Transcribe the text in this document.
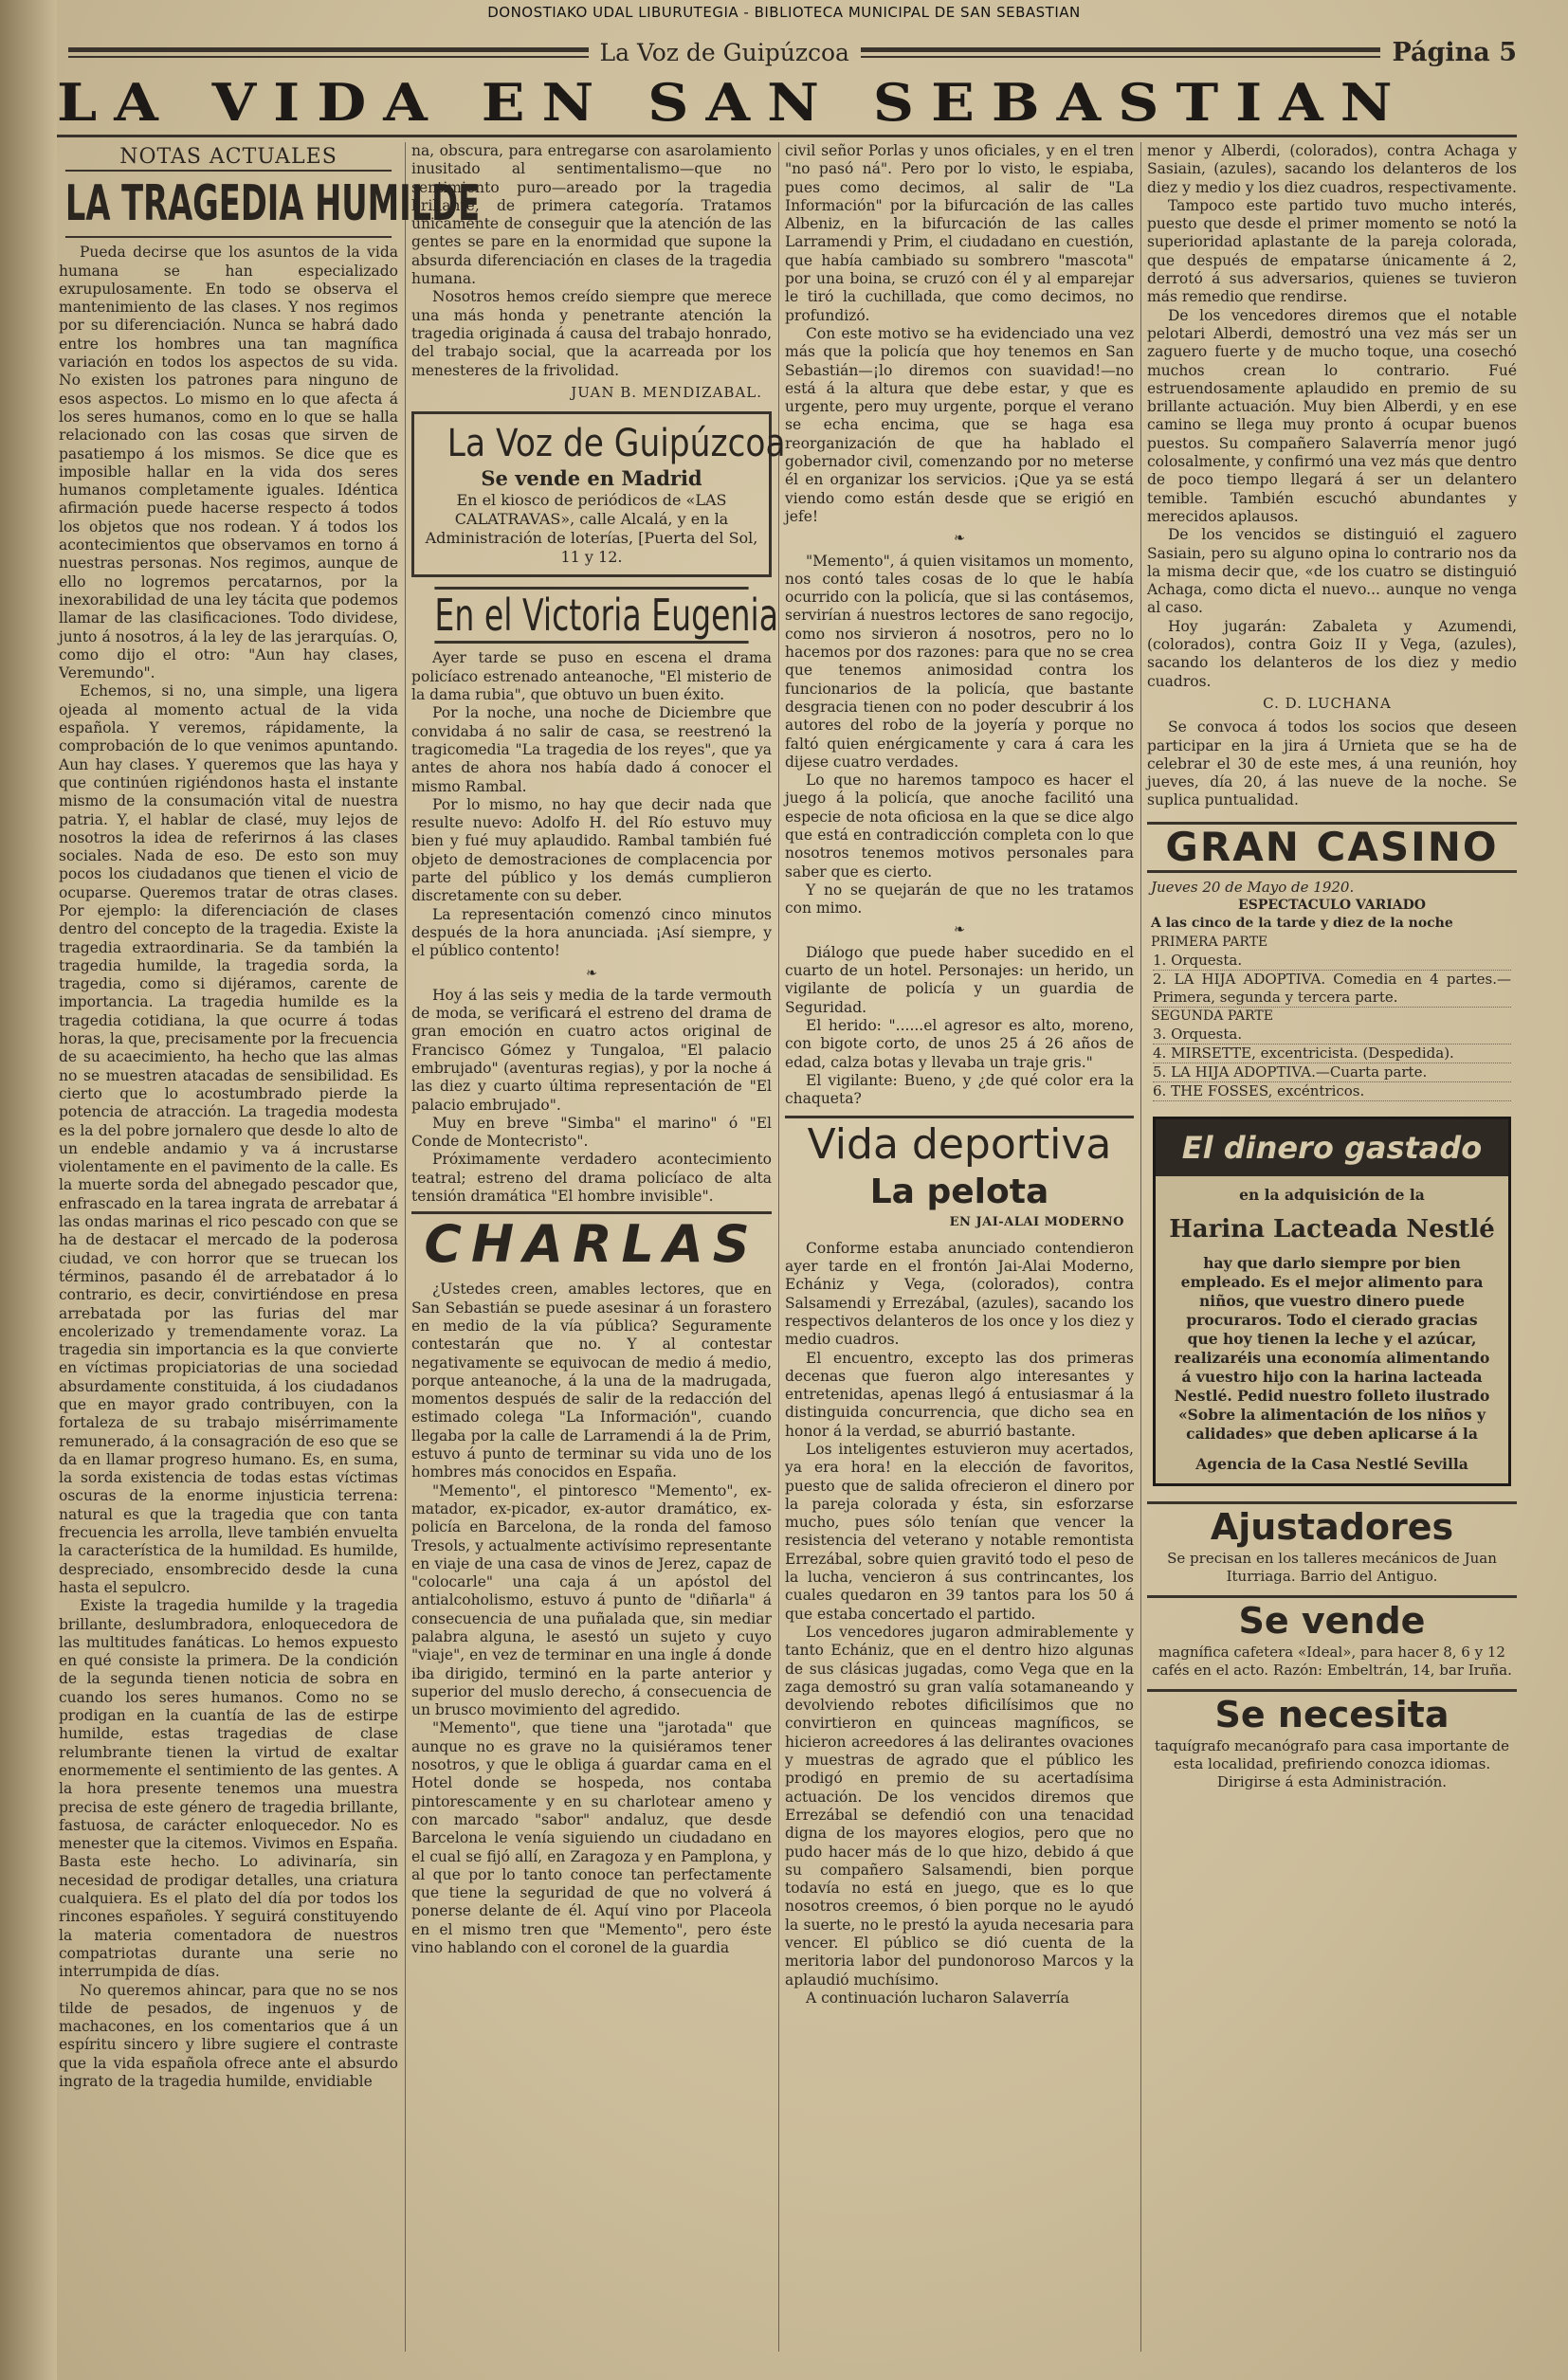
DONOSTIAKO UDAL LIBURUTEGIA - BIBLIOTECA MUNICIPAL DE SAN SEBASTIAN
La Voz de Guipúzcoa	Página 5
LA VIDA EN SAN SEBASTIAN
NOTAS ACTUALES
LA TRAGEDIA HUMILDE

Pueda decirse que los asuntos de la vida humana se han especializado exrupulosamente. En todo se observa el mantenimiento de las clases. Y nos regimos por su diferenciación. Nunca se habrá dado entre los hombres una tan magnífica variación en todos los aspectos de su vida. No existen los patrones para ninguno de esos aspectos. Lo mismo en lo que afecta á los seres humanos, como en lo que se halla relacionado con las cosas que sirven de pasatiempo á los mismos. Se dice que es imposible hallar en la vida dos seres humanos completamente iguales. Idéntica afirmación puede hacerse respecto á todos los objetos que nos rodean. Y á todos los acontecimientos que observamos en torno á nuestras personas. Nos regimos, aunque de ello no logremos percatarnos, por la inexorabilidad de una ley tácita que podemos llamar de las clasificaciones. Todo dividese, junto á nosotros, á la ley de las jerarquías. O, como dijo el otro: "Aun hay clases, Veremundo".

Echemos, si no, una simple, una ligera ojeada al momento actual de la vida española. Y veremos, rápidamente, la comprobación de lo que venimos apuntando. Aun hay clases. Y queremos que las haya y que continúen rigiéndonos hasta el instante mismo de la consumación vital de nuestra patria. Y, el hablar de clasé, muy lejos de nosotros la idea de referirnos á las clases sociales. Nada de eso. De esto son muy pocos los ciudadanos que tienen el vicio de ocuparse. Queremos tratar de otras clases. Por ejemplo: la diferenciación de clases dentro del concepto de la tragedia. Existe la tragedia extraordinaria. Se da también la tragedia humilde, la tragedia sorda, la tragedia, como si dijéramos, carente de importancia. La tragedia humilde es la tragedia cotidiana, la que ocurre á todas horas, la que, precisamente por la frecuencia de su acaecimiento, ha hecho que las almas no se muestren atacadas de sensibilidad. Es cierto que lo acostumbrado pierde la potencia de atracción. La tragedia modesta es la del pobre jornalero que desde lo alto de un endeble andamio y va á incrustarse violentamente en el pavimento de la calle. Es la muerte sorda del abnegado pescador que, enfrascado en la tarea ingrata de arrebatar á las ondas marinas el rico pescado con que se ha de destacar el mercado de la poderosa ciudad, ve con horror que se truecan los términos, pasando él de arrebatador á lo contrario, es decir, convirtiéndose en presa arrebatada por las furias del mar encolerizado y tremendamente voraz. La tragedia sin importancia es la que convierte en víctimas propiciatorias de una sociedad absurdamente constituida, á los ciudadanos que en mayor grado contribuyen, con la fortaleza de su trabajo misérrimamente remunerado, á la consagración de eso que se da en llamar progreso humano. Es, en suma, la sorda existencia de todas estas víctimas oscuras de la enorme injusticia terrena: natural es que la tragedia que con tanta frecuencia les arrolla, lleve también envuelta la característica de la humildad. Es humilde, despreciado, ensombrecido desde la cuna hasta el sepulcro.

Existe la tragedia humilde y la tragedia brillante, deslumbradora, enloquecedora de las multitudes fanáticas. Lo hemos expuesto en qué consiste la primera. De la condición de la segunda tienen noticia de sobra en cuando los seres humanos. Como no se prodigan en la cuantía de las de estirpe humilde, estas tragedias de clase relumbrante tienen la virtud de exaltar enormemente el sentimiento de las gentes. A la hora presente tenemos una muestra precisa de este género de tragedia brillante, fastuosa, de carácter enloquecedor. No es menester que la citemos. Vivimos en España. Basta este hecho. Lo adivinaría, sin necesidad de prodigar detalles, una criatura cualquiera. Es el plato del día por todos los rincones españoles. Y seguirá constituyendo la materia comentadora de nuestros compatriotas durante una serie no interrumpida de días.

No queremos ahincar, para que no se nos tilde de pesados, de ingenuos y de machacones, en los comentarios que á un espíritu sincero y libre sugiere el contraste que la vida española ofrece ante el absurdo ingrato de la tragedia humilde, envidiable

na, obscura, para entregarse con asarolamiento inusitado al sentimentalismo—que no sentimiento puro—areado por la tragedia brillante, de primera categoría. Tratamos únicamente de conseguir que la atención de las gentes se pare en la enormidad que supone la absurda diferenciación en clases de la tragedia humana.

Nosotros hemos creído siempre que merece una más honda y penetrante atención la tragedia originada á causa del trabajo honrado, del trabajo social, que la acarreada por los menesteres de la frivolidad.

JUAN B. MENDIZABAL.
La Voz de Guipúzcoa
Se vende en Madrid
En el kiosco de periódicos de «LAS CALATRAVAS», calle Alcalá, y en la Administración de loterías, [Puerta del Sol, 11 y 12.
En el Victoria Eugenia

Ayer tarde se puso en escena el drama policíaco estrenado anteanoche, "El misterio de la dama rubia", que obtuvo un buen éxito.

Por la noche, una noche de Diciembre que convidaba á no salir de casa, se reestrenó la tragicomedia "La tragedia de los reyes", que ya antes de ahora nos había dado á conocer el mismo Rambal.

Por lo mismo, no hay que decir nada que resulte nuevo: Adolfo H. del Río estuvo muy bien y fué muy aplaudido. Rambal también fué objeto de demostraciones de complacencia por parte del público y los demás cumplieron discretamente con su deber.

La representación comenzó cinco minutos después de la hora anunciada. ¡Así siempre, y el público contento!

❧

Hoy á las seis y media de la tarde vermouth de moda, se verificará el estreno del drama de gran emoción en cuatro actos original de Francisco Gómez y Tungaloa, "El palacio embrujado" (aventuras regias), y por la noche á las diez y cuarto última representación de "El palacio embrujado".

Muy en breve "Simba" el marino" ó "El Conde de Montecristo".

Próximamente verdadero acontecimiento teatral; estreno del drama policíaco de alta tensión dramática "El hombre invisible".

CHARLAS

¿Ustedes creen, amables lectores, que en San Sebastián se puede asesinar á un forastero en medio de la vía pública? Seguramente contestarán que no. Y al contestar negativamente se equivocan de medio á medio, porque anteanoche, á la una de la madrugada, momentos después de salir de la redacción del estimado colega "La Información", cuando llegaba por la calle de Larramendi á la de Prim, estuvo á punto de terminar su vida uno de los hombres más conocidos en España.

"Memento", el pintoresco "Memento", ex-matador, ex-picador, ex-autor dramático, ex-policía en Barcelona, de la ronda del famoso Tresols, y actualmente activísimo representante en viaje de una casa de vinos de Jerez, capaz de "colocarle" una caja á un apóstol del antialcoholismo, estuvo á punto de "diñarla" á consecuencia de una puñalada que, sin mediar palabra alguna, le asestó un sujeto y cuyo "viaje", en vez de terminar en una ingle á donde iba dirigido, terminó en la parte anterior y superior del muslo derecho, á consecuencia de un brusco movimiento del agredido.

"Memento", que tiene una "jarotada" que aunque no es grave no la quisiéramos tener nosotros, y que le obliga á guardar cama en el Hotel donde se hospeda, nos contaba pintorescamente y en su charlotear ameno y con marcado "sabor" andaluz, que desde Barcelona le venía siguiendo un ciudadano en el cual se fijó allí, en Zaragoza y en Pamplona, y al que por lo tanto conoce tan perfectamente que tiene la seguridad de que no volverá á ponerse delante de él. Aquí vino por Placeola en el mismo tren que "Memento", pero éste vino hablando con el coronel de la guardia

civil señor Porlas y unos oficiales, y en el tren "no pasó ná". Pero por lo visto, le espiaba, pues como decimos, al salir de "La Información" por la bifurcación de las calles Albeniz, en la bifurcación de las calles Larramendi y Prim, el ciudadano en cuestión, que había cambiado su sombrero "mascota" por una boina, se cruzó con él y al emparejar le tiró la cuchillada, que como decimos, no profundizó.

Con este motivo se ha evidenciado una vez más que la policía que hoy tenemos en San Sebastián—¡lo diremos con suavidad!—no está á la altura que debe estar, y que es urgente, pero muy urgente, porque el verano se echa encima, que se haga esa reorganización de que ha hablado el gobernador civil, comenzando por no meterse él en organizar los servicios. ¡Que ya se está viendo como están desde que se erigió en jefe!

❧

"Memento", á quien visitamos un momento, nos contó tales cosas de lo que le había ocurrido con la policía, que si las contásemos, servirían á nuestros lectores de sano regocijo, como nos sirvieron á nosotros, pero no lo hacemos por dos razones: para que no se crea que tenemos animosidad contra los funcionarios de la policía, que bastante desgracia tienen con no poder descubrir á los autores del robo de la joyería y porque no faltó quien enérgicamente y cara á cara les dijese cuatro verdades.

Lo que no haremos tampoco es hacer el juego á la policía, que anoche facilitó una especie de nota oficiosa en la que se dice algo que está en contradicción completa con lo que nosotros tenemos motivos personales para saber que es cierto.

Y no se quejarán de que no les tratamos con mimo.

❧

Diálogo que puede haber sucedido en el cuarto de un hotel. Personajes: un herido, un vigilante de policía y un guardia de Seguridad.

El herido: "......el agresor es alto, moreno, con bigote corto, de unos 25 á 26 años de edad, calza botas y llevaba un traje gris."

El vigilante: Bueno, y ¿de qué color era la chaqueta?

Vida deportiva
La pelota
EN JAI-ALAI MODERNO

Conforme estaba anunciado contendieron ayer tarde en el frontón Jai-Alai Moderno, Echániz y Vega, (colorados), contra Salsamendi y Errezábal, (azules), sacando los respectivos delanteros de los once y los diez y medio cuadros.

El encuentro, excepto las dos primeras decenas que fueron algo interesantes y entretenidas, apenas llegó á entusiasmar á la distinguida concurrencia, que dicho sea en honor á la verdad, se aburrió bastante.

Los inteligentes estuvieron muy acertados, ya era hora! en la elección de favoritos, puesto que de salida ofrecieron el dinero por la pareja colorada y ésta, sin esforzarse mucho, pues sólo tenían que vencer la resistencia del veterano y notable remontista Errezábal, sobre quien gravitó todo el peso de la lucha, vencieron á sus contrincantes, los cuales quedaron en 39 tantos para los 50 á que estaba concertado el partido.

Los vencedores jugaron admirablemente y tanto Echániz, que en el dentro hizo algunas de sus clásicas jugadas, como Vega que en la zaga demostró su gran valía sotamaneando y devolviendo rebotes dificilísimos que no convirtieron en quinceas magníficos, se hicieron acreedores á las delirantes ovaciones y muestras de agrado que el público les prodigó en premio de su acertadísima actuación. De los vencidos diremos que Errezábal se defendió con una tenacidad digna de los mayores elogios, pero que no pudo hacer más de lo que hizo, debido á que su compañero Salsamendi, bien porque todavía no está en juego, que es lo que nosotros creemos, ó bien porque no le ayudó la suerte, no le prestó la ayuda necesaria para vencer. El público se dió cuenta de la meritoria labor del pundonoroso Marcos y la aplaudió muchísimo.

A continuación lucharon Salaverría

menor y Alberdi, (colorados), contra Achaga y Sasiain, (azules), sacando los delanteros de los diez y medio y los diez cuadros, respectivamente.

Tampoco este partido tuvo mucho interés, puesto que desde el primer momento se notó la superioridad aplastante de la pareja colorada, que después de empatarse únicamente á 2, derrotó á sus adversarios, quienes se tuvieron más remedio que rendirse.

De los vencedores diremos que el notable pelotari Alberdi, demostró una vez más ser un zaguero fuerte y de mucho toque, una cosechó muchos crean lo contrario. Fué estruendosamente aplaudido en premio de su brillante actuación. Muy bien Alberdi, y en ese camino se llega muy pronto á ocupar buenos puestos. Su compañero Salaverría menor jugó colosalmente, y confirmó una vez más que dentro de poco tiempo llegará á ser un delantero temible. También escuchó abundantes y merecidos aplausos.

De los vencidos se distinguió el zaguero Sasiain, pero su alguno opina lo contrario nos da la misma decir que, «de los cuatro se distinguió Achaga, como dicta el nuevo... aunque no venga al caso.

Hoy jugarán: Zabaleta y Azumendi, (colorados), contra Goiz II y Vega, (azules), sacando los delanteros de los diez y medio cuadros.

C. D. LUCHANA

Se convoca á todos los socios que deseen participar en la jira á Urnieta que se ha de celebrar el 30 de este mes, á una reunión, hoy jueves, día 20, á las nueve de la noche. Se suplica puntualidad.

GRAN CASINO
Jueves 20 de Mayo de 1920.
ESPECTACULO VARIADO
A las cinco de la tarde y diez de la noche
PRIMERA PARTE
1. Orquesta.
2. LA HIJA ADOPTIVA. Comedia en 4 partes.—Primera, segunda y tercera parte.
SEGUNDA PARTE
3. Orquesta.
4. MIRSETTE, excentricista. (Despedida).
5. LA HIJA ADOPTIVA.—Cuarta parte.
6. THE FOSSES, excéntricos.
El dinero gastado
en la adquisición de la
Harina Lacteada Nestlé
hay que darlo siempre por bien empleado. Es el mejor alimento para niños, que vuestro dinero puede procuraros. Todo el cierado gracias que hoy tienen la leche y el azúcar, realizaréis una economía alimentando á vuestro hijo con la harina lacteada Nestlé. Pedid nuestro folleto ilustrado «Sobre la alimentación de los niños y calidades» que deben aplicarse á la
Agencia de la Casa Nestlé Sevilla
Ajustadores
Se precisan en los talleres mecánicos de Juan Iturriaga. Barrio del Antiguo.
Se vende
magnífica cafetera «Ideal», para hacer 8, 6 y 12 cafés en el acto. Razón: Embeltrán, 14, bar Iruña.
Se necesita
taquígrafo mecanógrafo para casa importante de esta localidad, prefiriendo conozca idiomas. Dirigirse á esta Administración.
